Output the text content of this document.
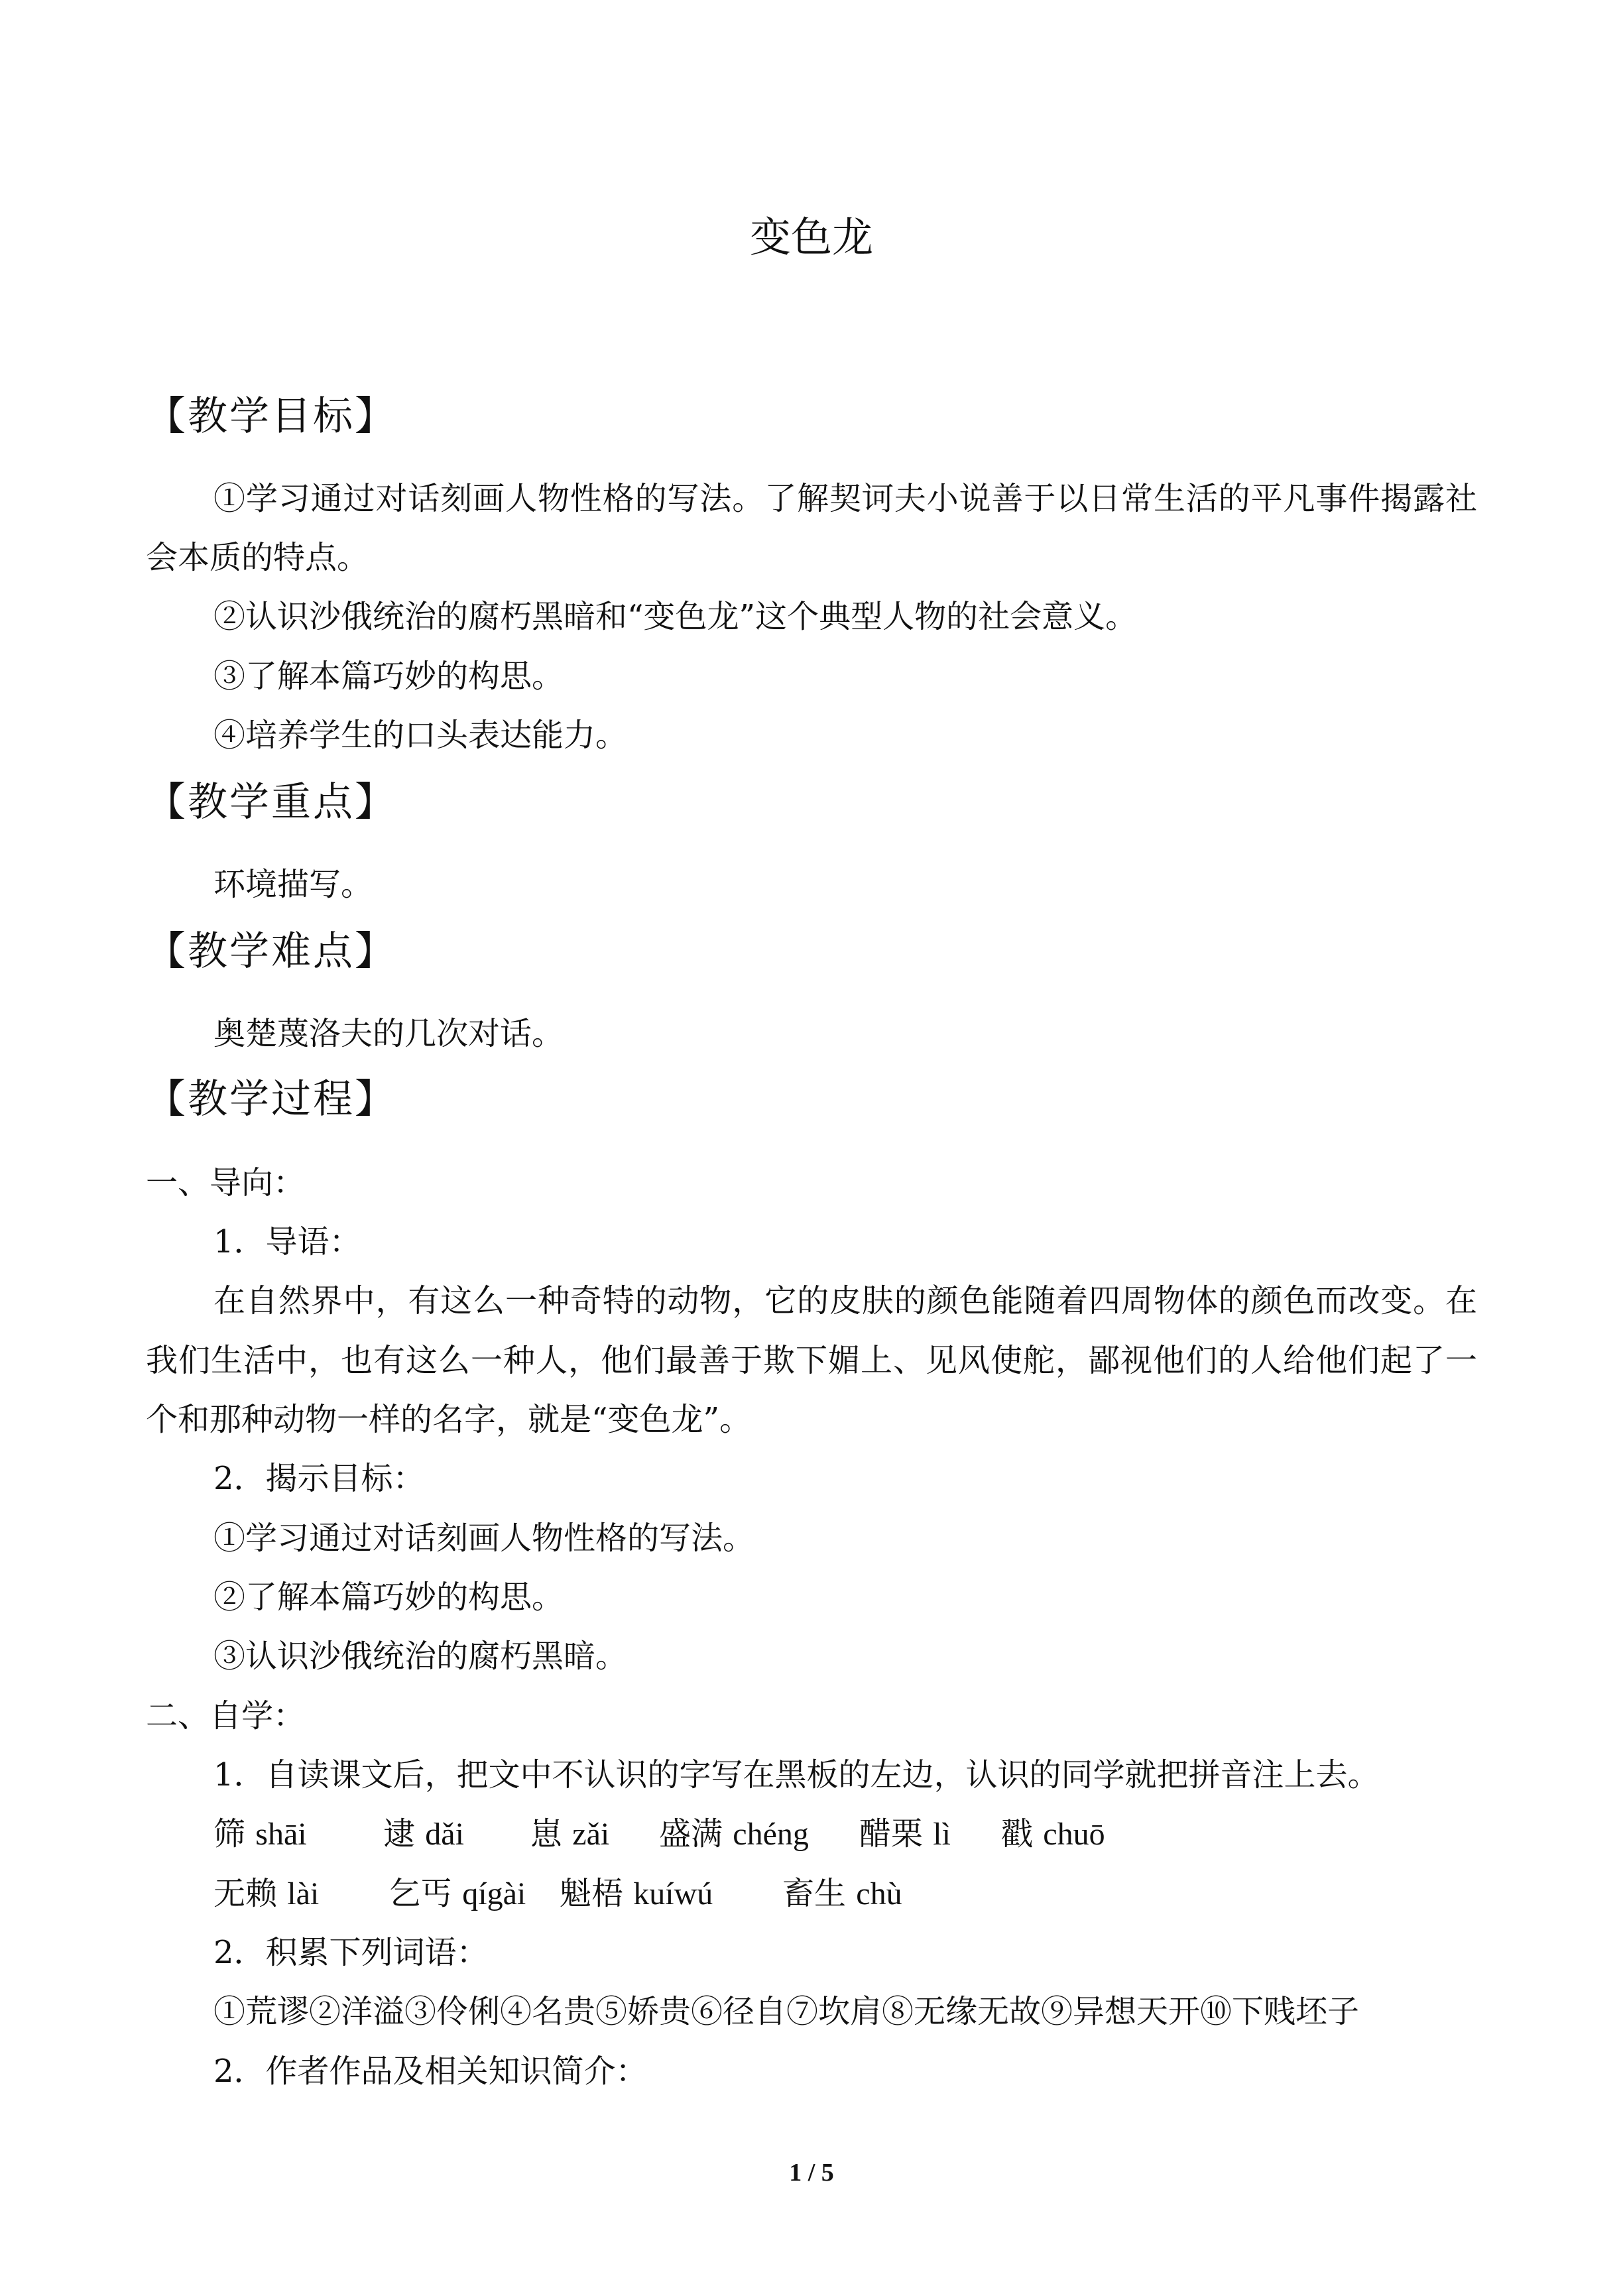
变色龙
【教学目标】
①学习通过对话刻画人物性格的写法。了解契诃夫小说善于以日常生活的平凡事件揭露社
会本质的特点。
②认识沙俄统治的腐朽黑暗和“变色龙”这个典型人物的社会意义。
③了解本篇巧妙的构思。
④培养学生的口头表达能力。
【教学重点】
环境描写。
【教学难点】
奥楚蔑洛夫的几次对话。
【教学过程】
一、导向：
1．导语：
在自然界中，有这么一种奇特的动物，它的皮肤的颜色能随着四周物体的颜色而改变。在
我们生活中，也有这么一种人，他们最善于欺下媚上、见风使舵，鄙视他们的人给他们起了一
个和那种动物一样的名字，就是“变色龙”。
2．揭示目标：
①学习通过对话刻画人物性格的写法。
②了解本篇巧妙的构思。
③认识沙俄统治的腐朽黑暗。
二、自学：
1．自读课文后，把文中不认识的字写在黑板的左边，认识的同学就把拼音注上去。
筛 shāi 逮 dǎi 崽 zǎi 盛满 chéng 醋栗 lì 戳 chuō
无赖 lài 乞丐 qígài 魁梧 kuíwú 畜生 chù
2．积累下列词语：
①荒谬②洋溢③伶俐④名贵⑤娇贵⑥径自⑦坎肩⑧无缘无故⑨异想天开⑩下贱坯子
2．作者作品及相关知识简介：
1 / 5
